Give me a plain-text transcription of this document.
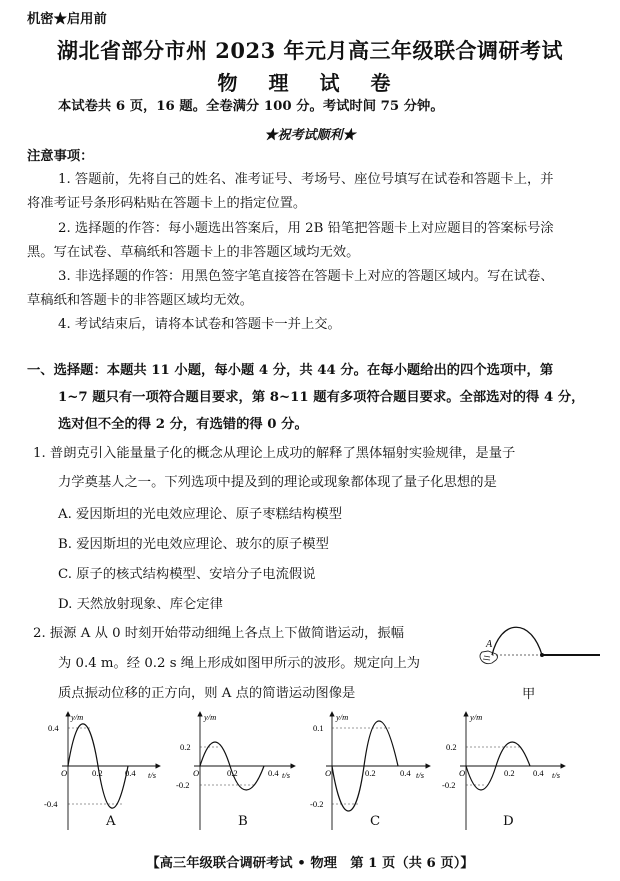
机密★启用前
湖北省部分市州 2023 年元月高三年级联合调研考试
物 理 试 卷
本试卷共 6 页，16 题。全卷满分 100 分。考试时间 75 分钟。
★祝考试顺利★
注意事项：
1. 答题前，先将自己的姓名、准考证号、考场号、座位号填写在试卷和答题卡上，并
将准考证号条形码粘贴在答题卡上的指定位置。
2. 选择题的作答：每小题选出答案后，用 2B 铅笔把答题卡上对应题目的答案标号涂
黑。写在试卷、草稿纸和答题卡上的非答题区域均无效。
3. 非选择题的作答：用黑色签字笔直接答在答题卡上对应的答题区域内。写在试卷、
草稿纸和答题卡的非答题区域均无效。
4. 考试结束后，请将本试卷和答题卡一并上交。
一、选择题：本题共 11 小题，每小题 4 分，共 44 分。在每小题给出的四个选项中，第
1~7 题只有一项符合题目要求，第 8~11 题有多项符合题目要求。全部选对的得 4 分，
选对但不全的得 2 分，有选错的得 0 分。
1. 普朗克引入能量量子化的概念从理论上成功的解释了黑体辐射实验规律，是量子
力学奠基人之一。下列选项中提及到的理论或现象都体现了量子化思想的是
A. 爱因斯坦的光电效应理论、原子枣糕结构模型
B. 爱因斯坦的光电效应理论、玻尔的原子模型
C. 原子的核式结构模型、安培分子电流假说
D. 天然放射现象、库仑定律
2. 振源 A 从 0 时刻开始带动细绳上各点上下做简谐运动，振幅
为 0.4 m。经 0.2 s 绳上形成如图甲所示的波形。规定向上为
质点振动位移的正方向，则 A 点的简谐运动图像是
A
甲
y/m
t/s
0.4
-0.4
0.2	0.4
O
y/m
t/s
0.2
-0.2
0.2	0.4
O
y/m
t/s
0.1
-0.2
0.2	0.4
O
y/m
t/s
0.2
-0.2
0.2 0.4
O
A	B	C	D
【高三年级联合调研考试 • 物理　第 1 页（共 6 页）】
